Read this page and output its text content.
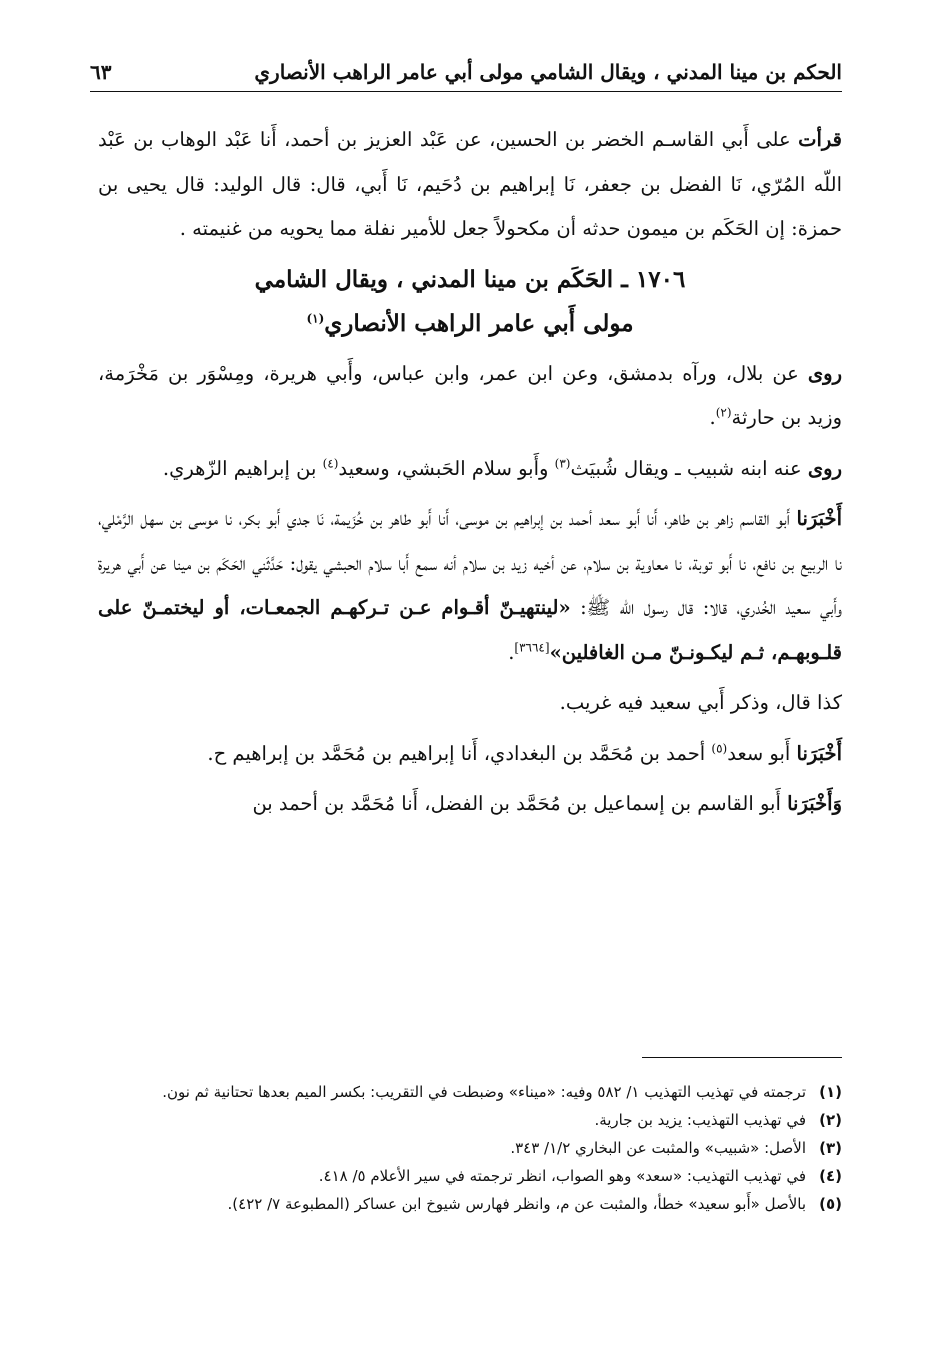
الحكم بن مينا المدني ، ويقال الشامي مولى أبي عامر الراهب الأنصاري
٦٣

قرأت على أَبي القاسـم الخضر بن الحسين، عن عَبْد العزيز بن أحمد، أَنا عَبْد الوهاب بن عَبْد اللّه المُرّي، نَا الفضل بن جعفر، نَا إبراهيم بن دُحَيم، نَا أَبي، قال: قال الوليد: قال يحيى بن حمزة: إن الحَكَم بن ميمون حدثه أن مكحولاً جعل للأمير نفلة مما يحويه من غنيمته .

١٧٠٦ ـ الحَكَم بن مينا المدني ، ويقال الشامي
مولى أَبي عامر الراهب الأنصاري$^{(١)}$

روى عن بلال، ورآه بدمشق، وعن ابن عمر، وابن عباس، وأَبي هريرة، ومِسْوَر بن مَخْرَمة، وزيد بن حارثة$^{(٢)}$.

روى عنه ابنه شبيب ـ ويقال شُبيَث$^{(٣)}$ وأَبو سلام الحَبشي، وسعيد$^{(٤)}$ بن إبراهيم الزّهري.

أَخْبَرَنا أَبو القاسم زاهر بن طاهر، أَنا أَبو سعد أحمد بن إبراهيم بن موسى، أَنا أَبو طاهر بن خُزَيمة، نَا جدي أَبو بكر، نا موسى بن سهل الرَّمْلي، نا الربيع بن نافع، نا أَبو توبة، نا معاوية بن سلام، عن أخيه زيد بن سلام أنه سمع أَبا سلام الحبشي يقول: حَدَّثَني الحَكَم بن مينا عن أَبي هريرة وأَبي سعيد الخُدري، قالا: قال رسول اللّه ﷺ: «لينتهيـنّ أقـوام عـن تـركهـم الجمعـات، أو ليختمـنّ على قلـوبهـم، ثـم ليكـونـنّ مـن الغافلين»[٣٦٦٤].

كذا قال، وذكر أَبي سعيد فيه غريب.

أَخْبَرَنا أَبو سعد$^{(٥)}$ أحمد بن مُحَمَّد بن البغدادي، أَنا إبراهيم بن مُحَمَّد بن إبراهيم ح.

وَأَخْبَرَنا أَبو القاسم بن إسماعيل بن مُحَمَّد بن الفضل، أَنا مُحَمَّد بن أحمد بن

(١)
ترجمته في تهذيب التهذيب ١/ ٥٨٢ وفيه: «ميناء» وضبطت في التقريب: بكسر الميم بعدها تحتانية ثم نون.
(٢)
في تهذيب التهذيب: يزيد بن جارية.
(٣)
الأصل: «شبيب» والمثبت عن البخاري ١/٢/ ٣٤٣.
(٤)
في تهذيب التهذيب: «سعد» وهو الصواب، انظر ترجمته في سير الأعلام ٥/ ٤١٨.
(٥)
بالأصل «أَبو سعيد» خطأ، والمثبت عن م، وانظر فهارس شيوخ ابن عساكر (المطبوعة ٧/ ٤٢٢).
